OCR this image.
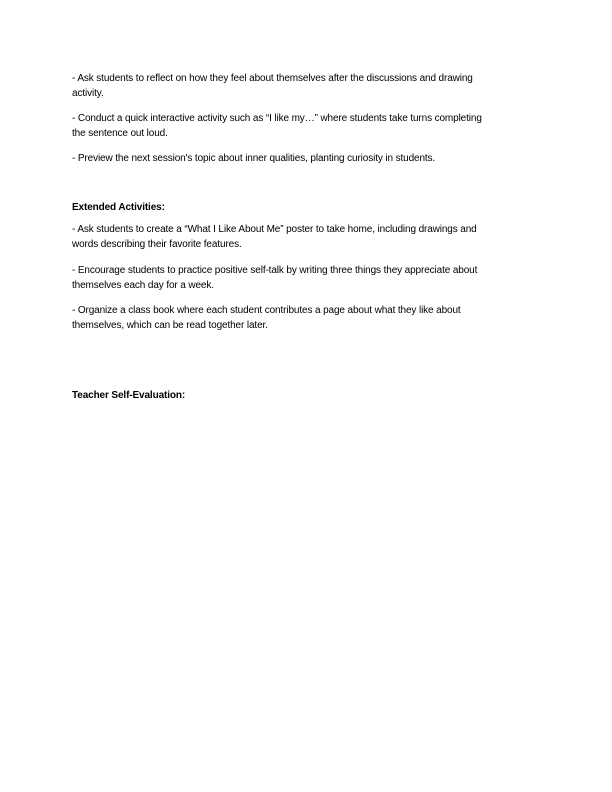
- Ask students to reflect on how they feel about themselves after the discussions and drawing
activity.
- Conduct a quick interactive activity such as “I like my…” where students take turns completing
the sentence out loud.
- Preview the next session's topic about inner qualities, planting curiosity in students.
Extended Activities:
- Ask students to create a “What I Like About Me” poster to take home, including drawings and
words describing their favorite features.
- Encourage students to practice positive self-talk by writing three things they appreciate about
themselves each day for a week.
- Organize a class book where each student contributes a page about what they like about
themselves, which can be read together later.
Teacher Self-Evaluation:
